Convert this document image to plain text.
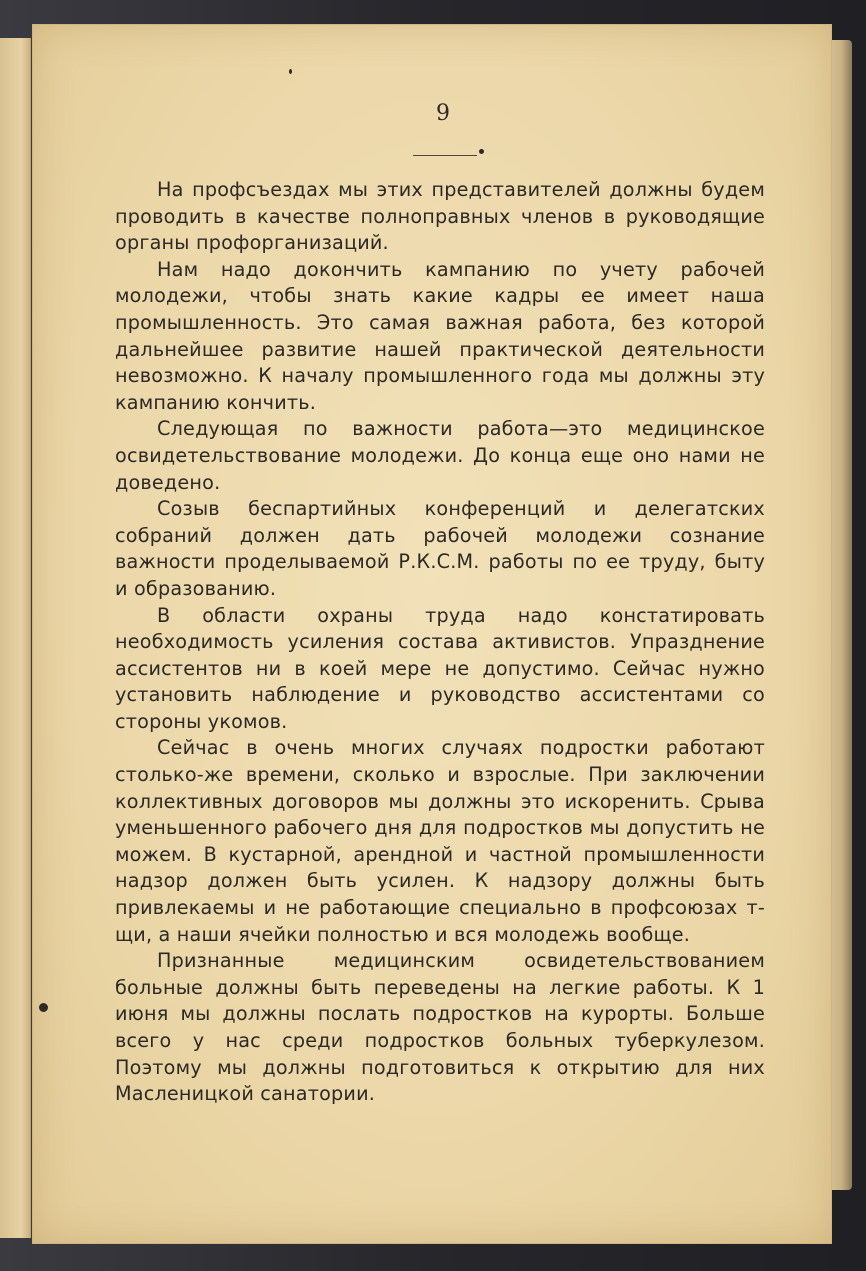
9

На профсъездах мы этих представителей должны будем проводить в качестве полноправных членов в руководящие органы профорганизаций.

Нам надо докончить кампанию по учету рабочей молодежи, чтобы знать какие кадры ее имеет наша промышленность. Это самая важная работа, без которой дальнейшее развитие нашей практической деятельности невозможно. К началу промышленного года мы должны эту кампанию кончить.

Следующая по важности работа—это медицинское освидетельствование молодежи. До конца еще оно нами не доведено.

Созыв беспартийных конференций и делегатских собраний должен дать рабочей молодежи сознание важности проделываемой Р.К.С.М. работы по ее труду, быту и образованию.

В области охраны труда надо констатировать необходимость усиления состава активистов. Упразднение ассистентов ни в коей мере не допустимо. Сейчас нужно установить наблюдение и руководство ассистентами со стороны укомов.

Сейчас в очень многих случаях подростки работают столько-же времени, сколько и взрослые. При заключении коллективных договоров мы должны это искоренить. Срыва уменьшенного рабочего дня для подростков мы допустить не можем. В кустарной, арендной и частной промышленности надзор должен быть усилен. К надзору должны быть привлекаемы и не работающие специально в профсоюзах т-щи, а наши ячейки полностью и вся молодежь вообще.

Признанные медицинским освидетельствованием больные должны быть переведены на легкие работы. К 1 июня мы должны послать подростков на курорты. Больше всего у нас среди подростков больных туберкулезом. Поэтому мы должны подготовиться к открытию для них Масленицкой санатории.
